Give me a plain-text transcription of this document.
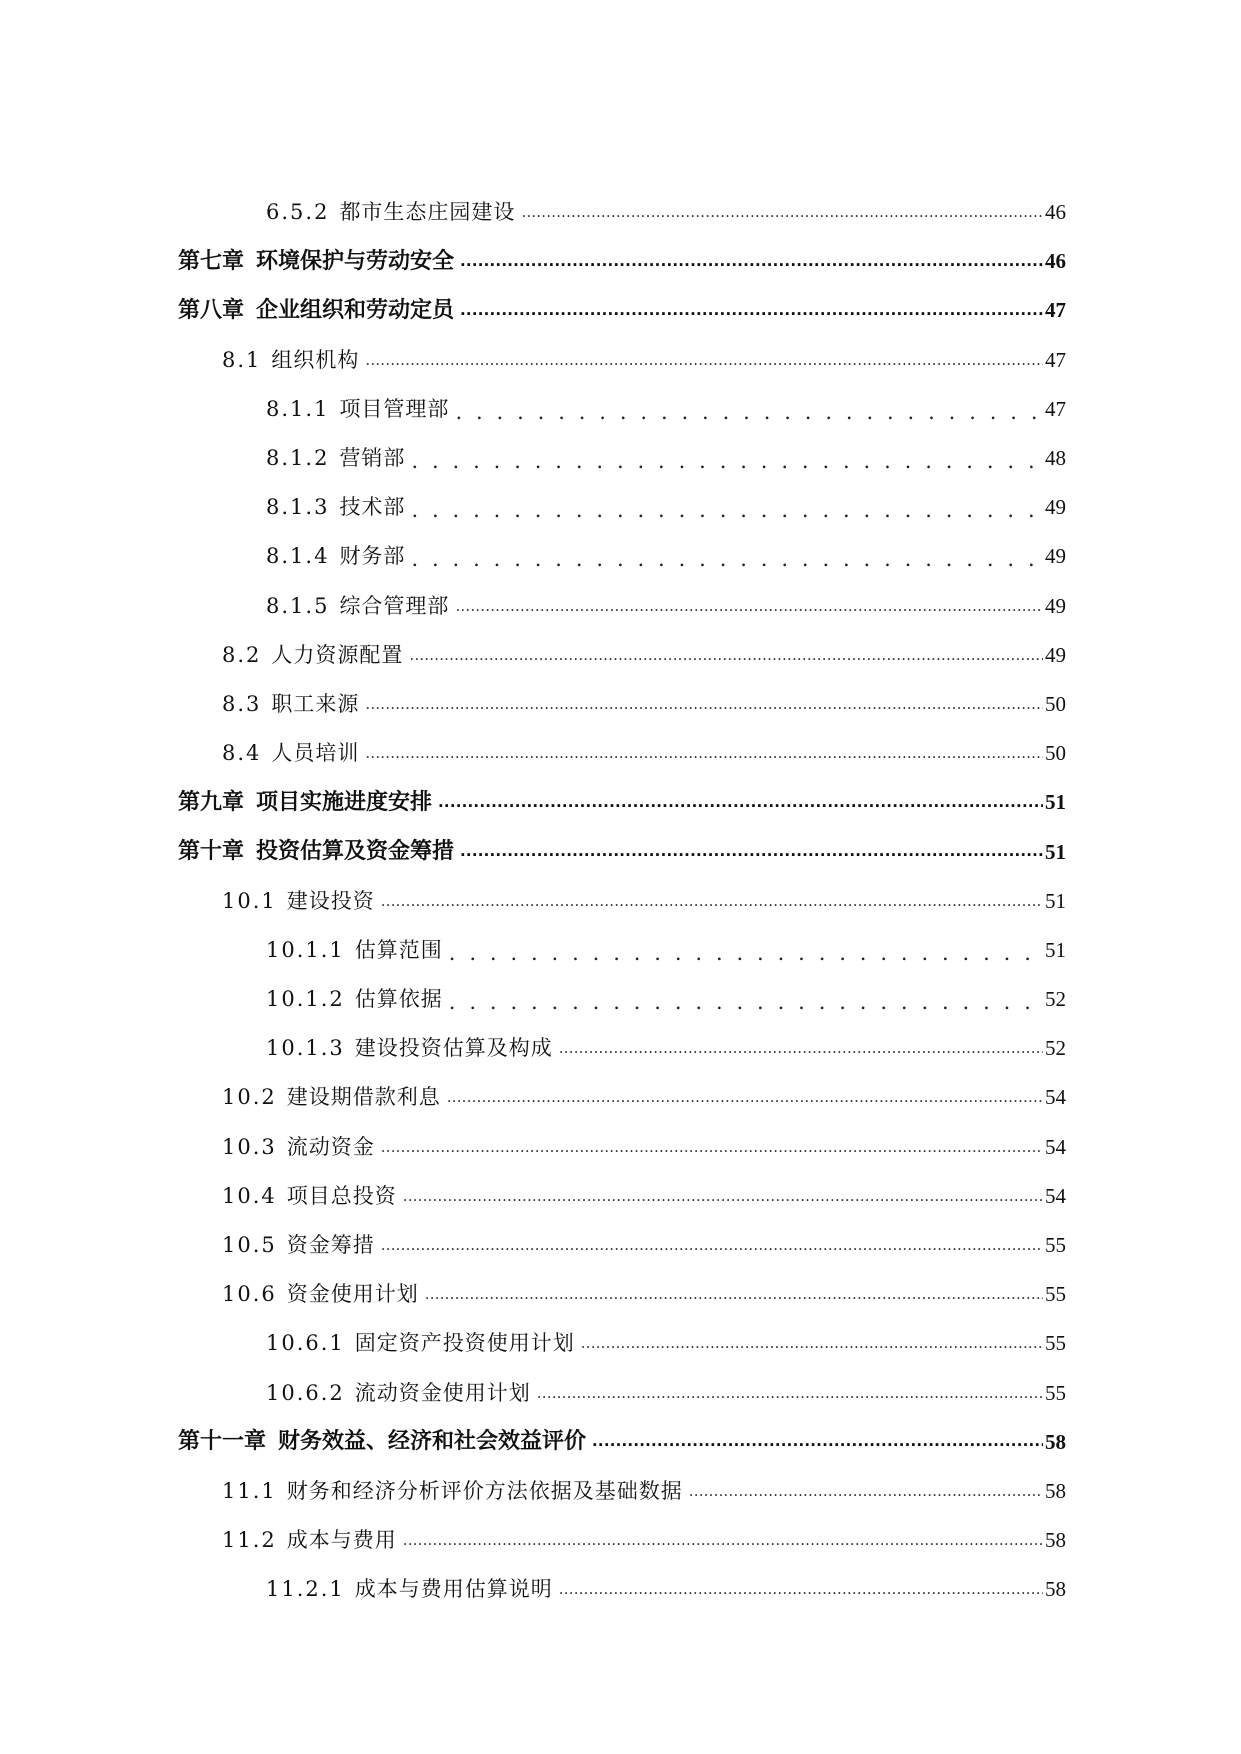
6.5.2 都市生态庄园建设 .....	46
第七章 环境保护与劳动安全 .....	46
第八章 企业组织和劳动定员 .....	47
8.1 组织机构 .....	47
8.1.1 项目管理部 . . .	47
8.1.2 营销部 . . .	48
8.1.3 技术部 . . .	49
8.1.4 财务部 . . .	49
8.1.5 综合管理部 .....	49
8.2 人力资源配置 .....	49
8.3 职工来源 .....	50
8.4 人员培训 .....	50
第九章 项目实施进度安排 .....	51
第十章 投资估算及资金筹措 .....	51
10.1 建设投资 .....	51
10.1.1 估算范围 . . .	51
10.1.2 估算依据 . . .	52
10.1.3 建设投资估算及构成 .....	52
10.2 建设期借款利息 .....	54
10.3 流动资金 .....	54
10.4 项目总投资 .....	54
10.5 资金筹措 .....	55
10.6 资金使用计划 .....	55
10.6.1 固定资产投资使用计划 .....	55
10.6.2 流动资金使用计划 .....	55
第十一章 财务效益、经济和社会效益评价 .....	58
11.1 财务和经济分析评价方法依据及基础数据 .....	58
11.2 成本与费用 .....	58
11.2.1 成本与费用估算说明 .....	58
